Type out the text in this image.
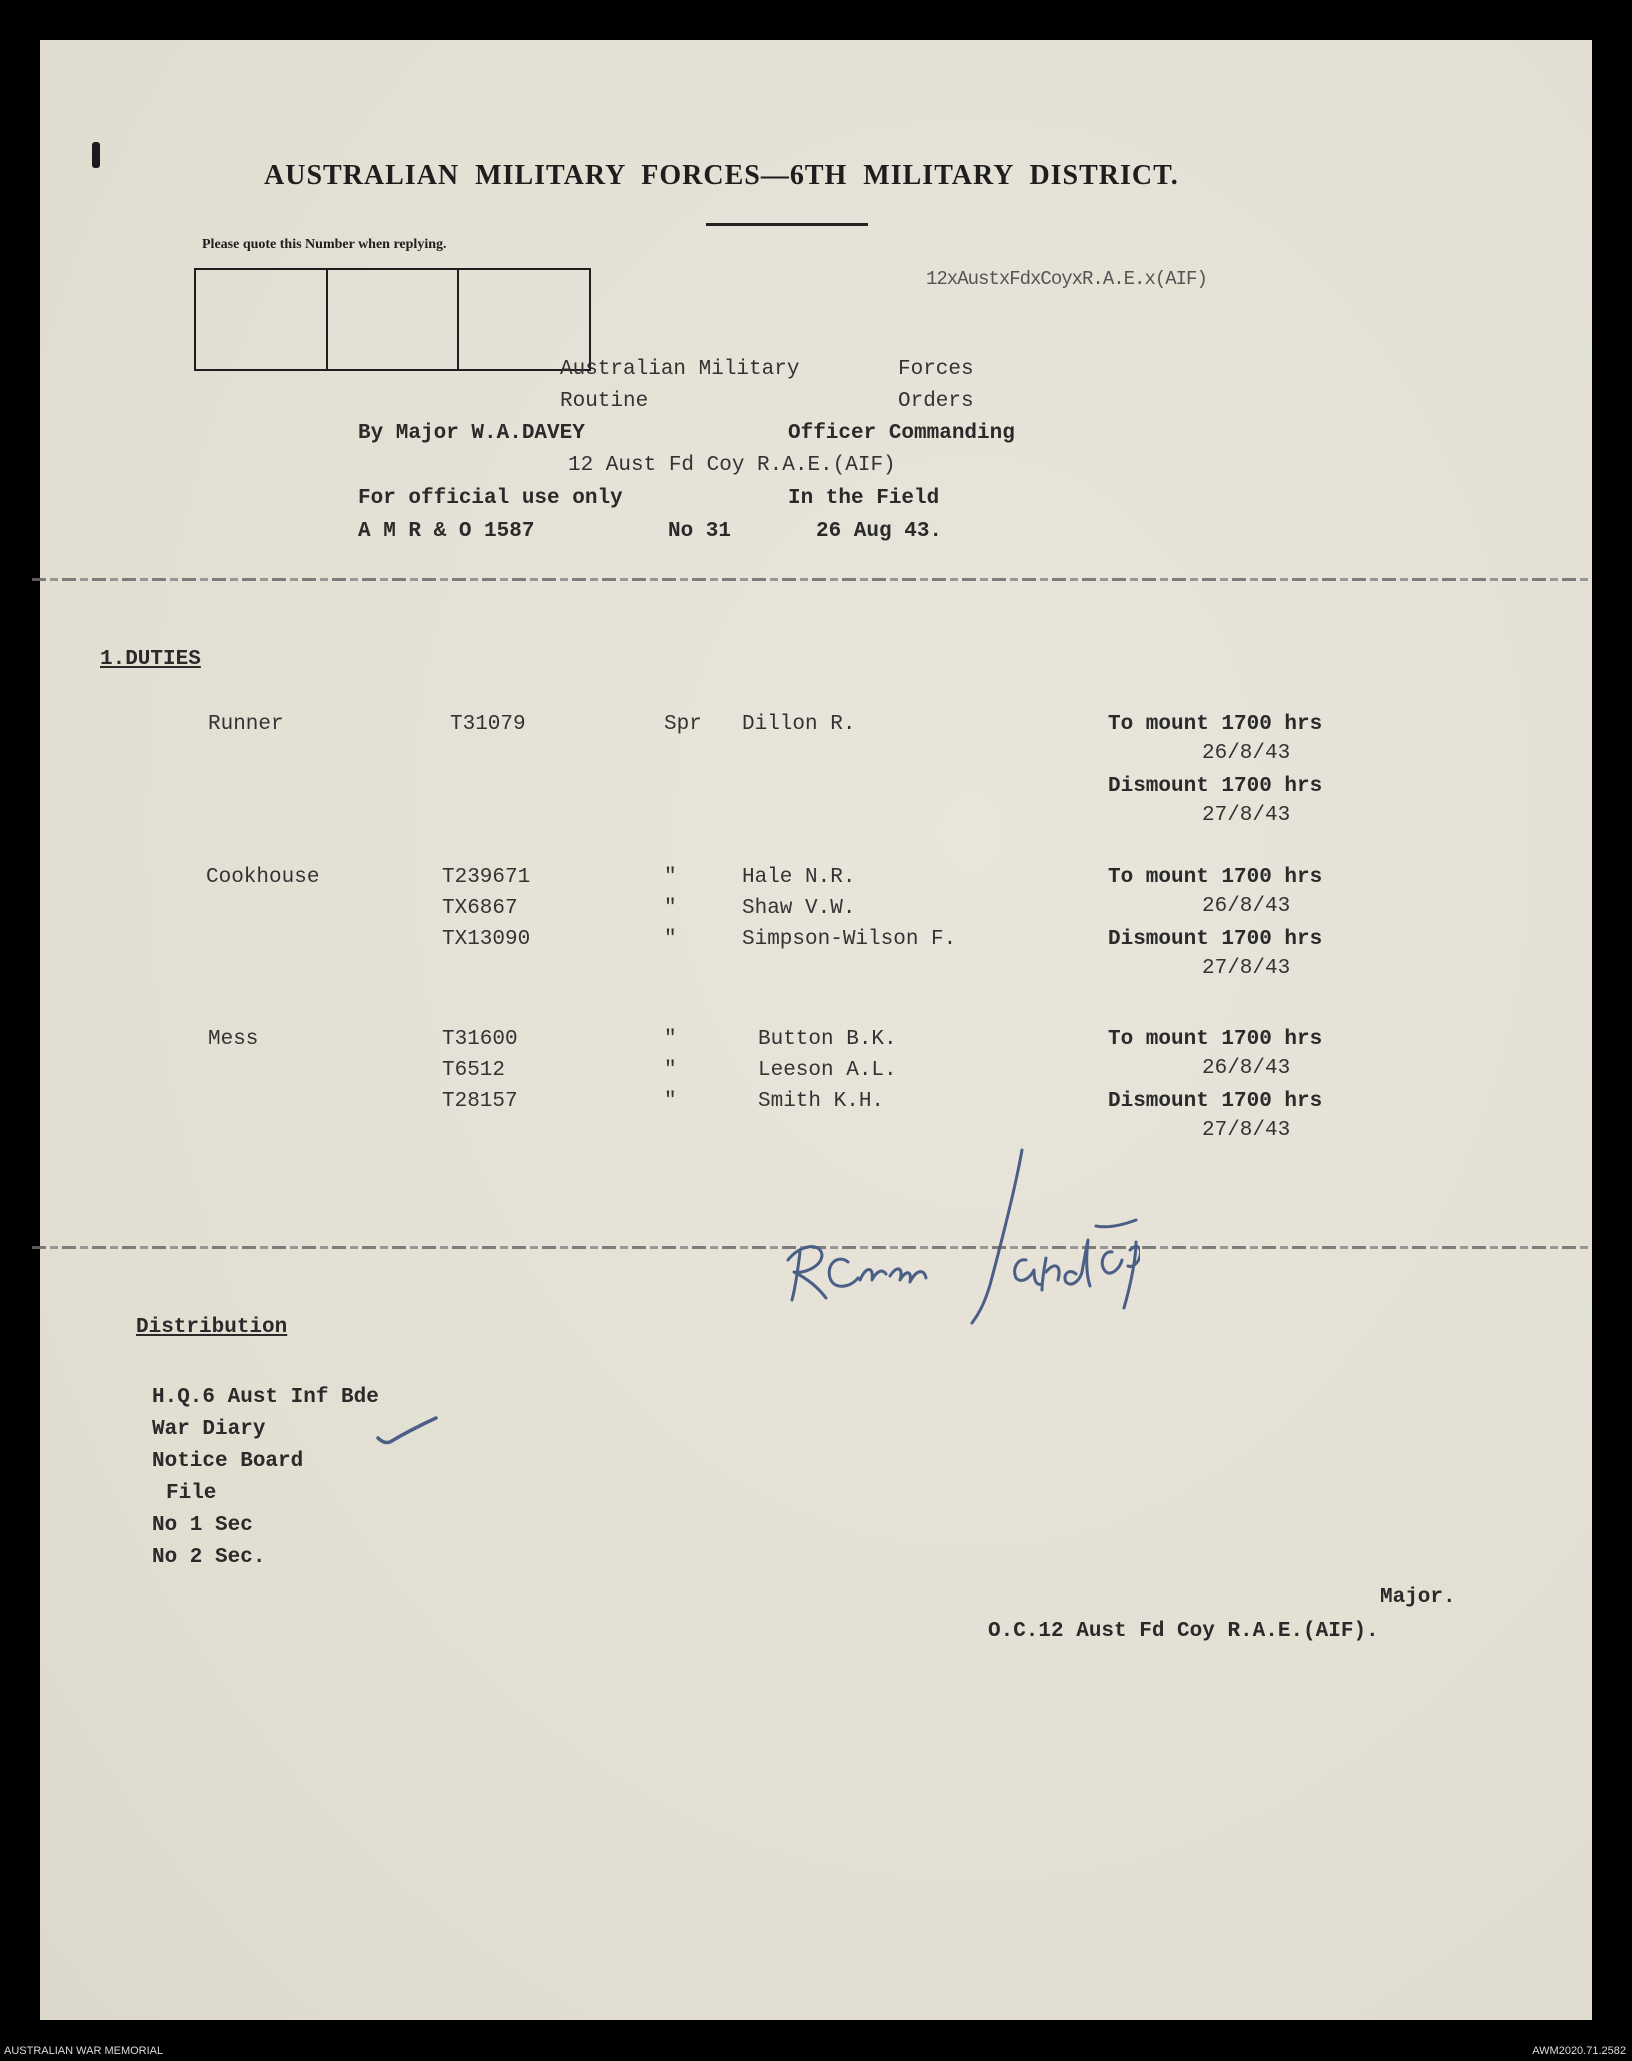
AUSTRALIAN  MILITARY  FORCES—6TH  MILITARY  DISTRICT.
Please quote this Number when replying.
12xAustxFdxCoyxR.A.E.x(AIF)
Australian Military	Forces
Routine	Orders
By Major W.A.DAVEY	Officer Commanding
12 Aust Fd Coy R.A.E.(AIF)
For official use only	In the Field
A M R & O 1587	No 31	26 Aug 43.
1.DUTIES
Runner	T31079	Spr Dillon R.	To mount 1700 hrs
26/8/43
Dismount 1700 hrs
27/8/43
Cookhouse	T239671	"	Hale N.R.
TX6867	"	Shaw V.W.
TX13090	"	Simpson-Wilson F.
To mount 1700 hrs
26/8/43
Dismount 1700 hrs
27/8/43
Mess	T31600	"	Button B.K.
T6512	"	Leeson A.L.
T28157	"	Smith K.H.
To mount 1700 hrs
26/8/43
Dismount 1700 hrs
27/8/43
Distribution
H.Q.6 Aust Inf Bde
War Diary
Notice Board
File
No 1 Sec
No 2 Sec.
Major.
O.C.12 Aust Fd Coy R.A.E.(AIF).
AUSTRALIAN WAR MEMORIAL	AWM2020.71.2582
